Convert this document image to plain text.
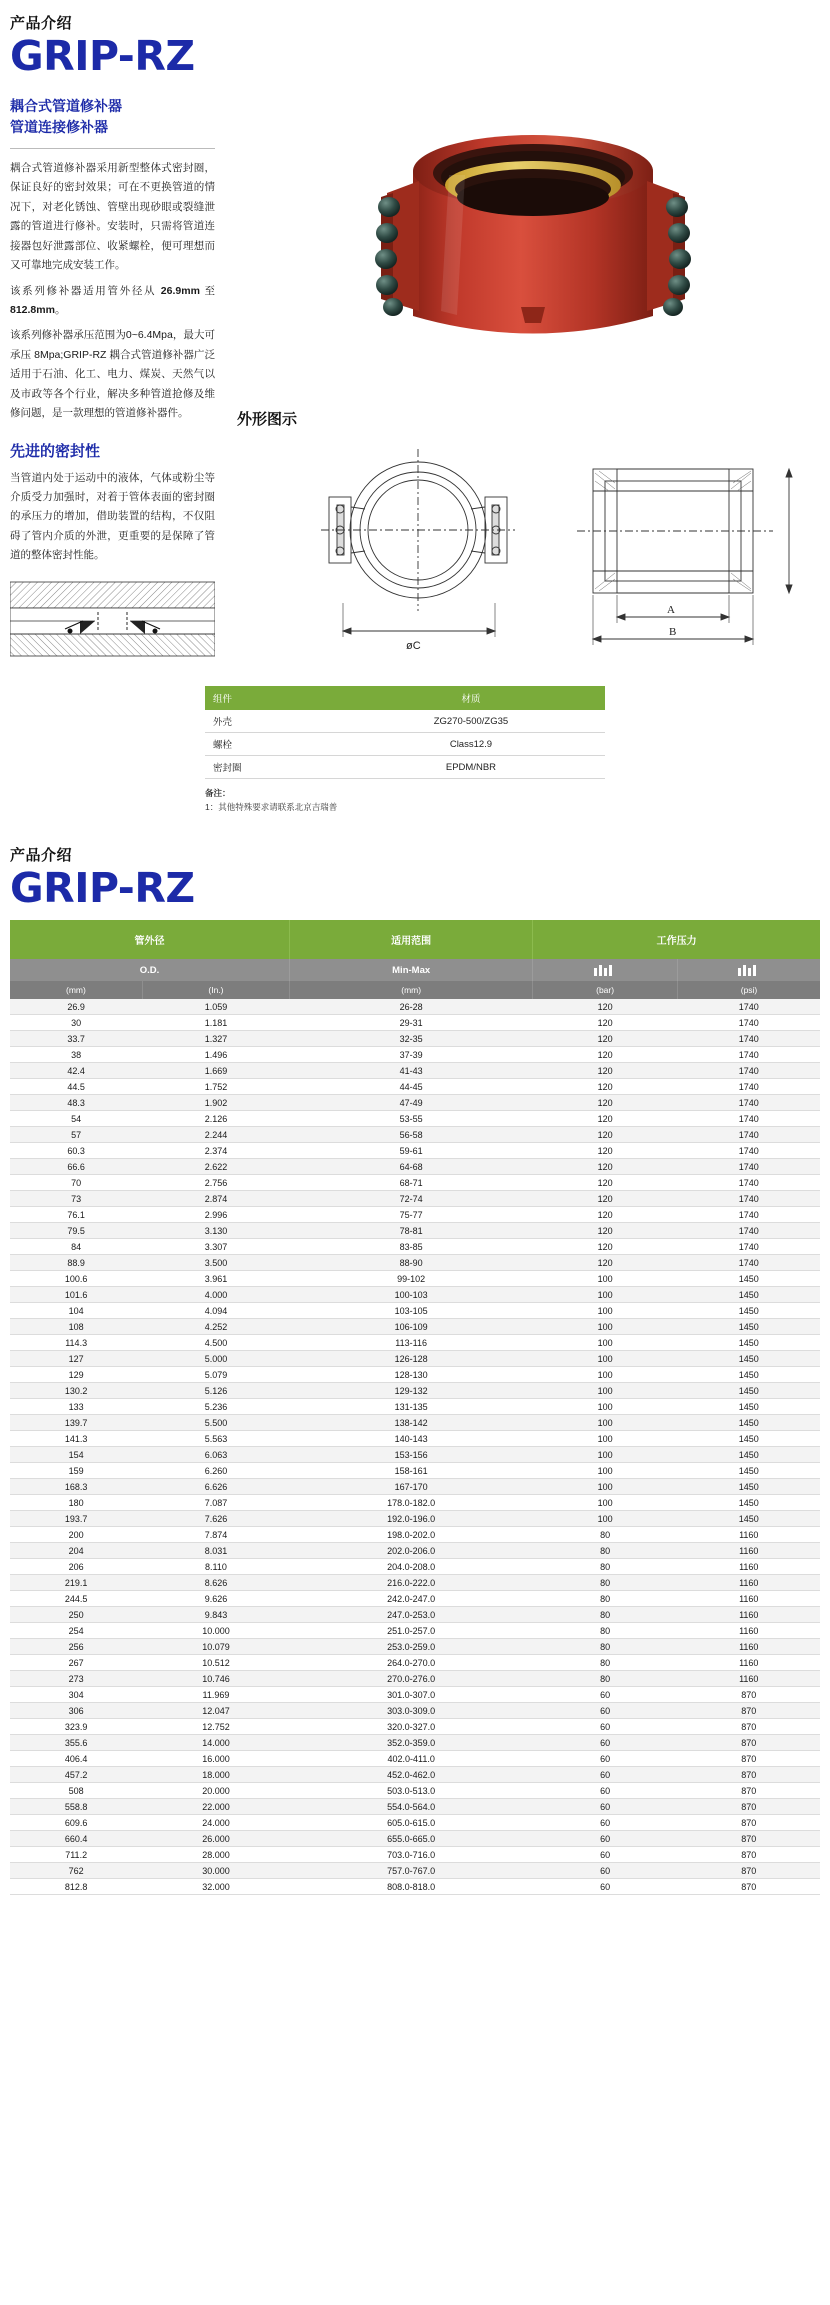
产品介绍
GRIP-RZ
耦合式管道修补器
管道连接修补器
耦合式管道修补器采用新型整体式密封圈，保证良好的密封效果；可在不更换管道的情况下，对老化锈蚀、管壁出现砂眼或裂缝泄露的管道进行修补。安装时，只需将管道连接器包好泄露部位、收紧螺栓，便可理想而又可靠地完成安装工作。
该系列修补器适用管外径从 26.9mm 至 812.8mm。
该系列修补器承压范围为0~6.4Mpa，最大可承压 8Mpa;GRIP-RZ 耦合式管道修补器广泛适用于石油、化工、电力、煤炭、天然气以及市政等各个行业，解决多种管道抢修及维修问题，是一款理想的管道修补器件。
先进的密封性
当管道内处于运动中的液体，气体或粉尘等介质受力加强时，对着于管体表面的密封圈的承压力的增加，借助装置的结构，不仅阻碍了管内介质的外泄，更重要的是保障了管道的整体密封性能。
外形图示
øC
A
B
组件	材质
外壳	ZG270-500/ZG35
螺栓	Class12.9
密封圈	EPDM/NBR
备注：
1：其他特殊要求请联系北京吉瑞普
产品介绍
GRIP-RZ
管外径		适用范围	工作压力	
O.D.		Min-Max		
(mm)	(In.)	(mm)	(bar)	(psi)
26.9	1.059	26-28	120	1740
30	1.181	29-31	120	1740
33.7	1.327	32-35	120	1740
38	1.496	37-39	120	1740
42.4	1.669	41-43	120	1740
44.5	1.752	44-45	120	1740
48.3	1.902	47-49	120	1740
54	2.126	53-55	120	1740
57	2.244	56-58	120	1740
60.3	2.374	59-61	120	1740
66.6	2.622	64-68	120	1740
70	2.756	68-71	120	1740
73	2.874	72-74	120	1740
76.1	2.996	75-77	120	1740
79.5	3.130	78-81	120	1740
84	3.307	83-85	120	1740
88.9	3.500	88-90	120	1740
100.6	3.961	99-102	100	1450
101.6	4.000	100-103	100	1450
104	4.094	103-105	100	1450
108	4.252	106-109	100	1450
114.3	4.500	113-116	100	1450
127	5.000	126-128	100	1450
129	5.079	128-130	100	1450
130.2	5.126	129-132	100	1450
133	5.236	131-135	100	1450
139.7	5.500	138-142	100	1450
141.3	5.563	140-143	100	1450
154	6.063	153-156	100	1450
159	6.260	158-161	100	1450
168.3	6.626	167-170	100	1450
180	7.087	178.0-182.0	100	1450
193.7	7.626	192.0-196.0	100	1450
200	7.874	198.0-202.0	80	1160
204	8.031	202.0-206.0	80	1160
206	8.110	204.0-208.0	80	1160
219.1	8.626	216.0-222.0	80	1160
244.5	9.626	242.0-247.0	80	1160
250	9.843	247.0-253.0	80	1160
254	10.000	251.0-257.0	80	1160
256	10.079	253.0-259.0	80	1160
267	10.512	264.0-270.0	80	1160
273	10.746	270.0-276.0	80	1160
304	11.969	301.0-307.0	60	870
306	12.047	303.0-309.0	60	870
323.9	12.752	320.0-327.0	60	870
355.6	14.000	352.0-359.0	60	870
406.4	16.000	402.0-411.0	60	870
457.2	18.000	452.0-462.0	60	870
508	20.000	503.0-513.0	60	870
558.8	22.000	554.0-564.0	60	870
609.6	24.000	605.0-615.0	60	870
660.4	26.000	655.0-665.0	60	870
711.2	28.000	703.0-716.0	60	870
762	30.000	757.0-767.0	60	870
812.8	32.000	808.0-818.0	60	870
